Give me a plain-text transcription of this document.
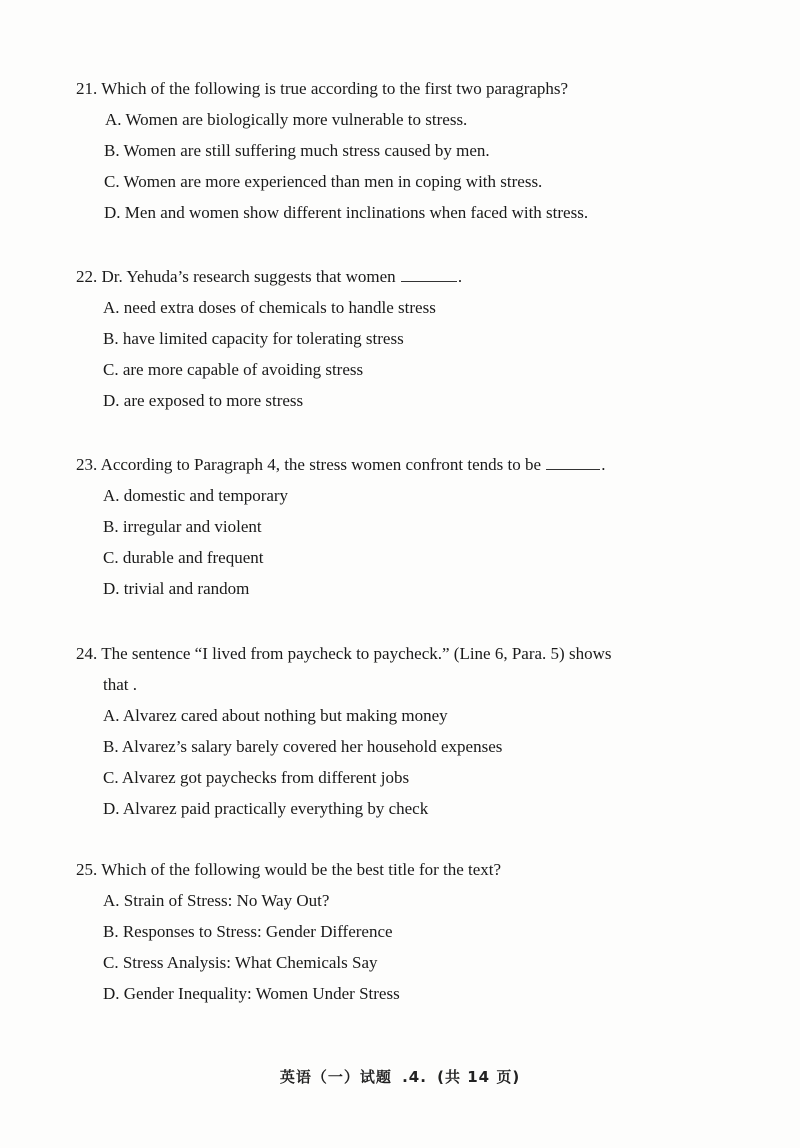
21. Which of the following is true according to the first two paragraphs?
A. Women are biologically more vulnerable to stress.
B. Women are still suffering much stress caused by men.
C. Women are more experienced than men in coping with stress.
D. Men and women show different inclinations when faced with stress.
22. Dr. Yehuda’s research suggests that women	.
A. need extra doses of chemicals to handle stress
B. have limited capacity for tolerating stress
C. are more capable of avoiding stress
D. are exposed to more stress
23. According to Paragraph 4, the stress women confront tends to be	.
A. domestic and temporary
B. irregular and violent
C. durable and frequent
D. trivial and random
24. The sentence “I lived from paycheck to paycheck.” (Line 6, Para. 5) shows
that .
A. Alvarez cared about nothing but making money
B. Alvarez’s salary barely covered her household expenses
C. Alvarez got paychecks from different jobs
D. Alvarez paid practically everything by check
25. Which of the following would be the best title for the text?
A. Strain of Stress: No Way Out?
B. Responses to Stress: Gender Difference
C. Stress Analysis: What Chemicals Say
D. Gender Inequality: Women Under Stress
英语（一）试题 .4. (共 14 页)
